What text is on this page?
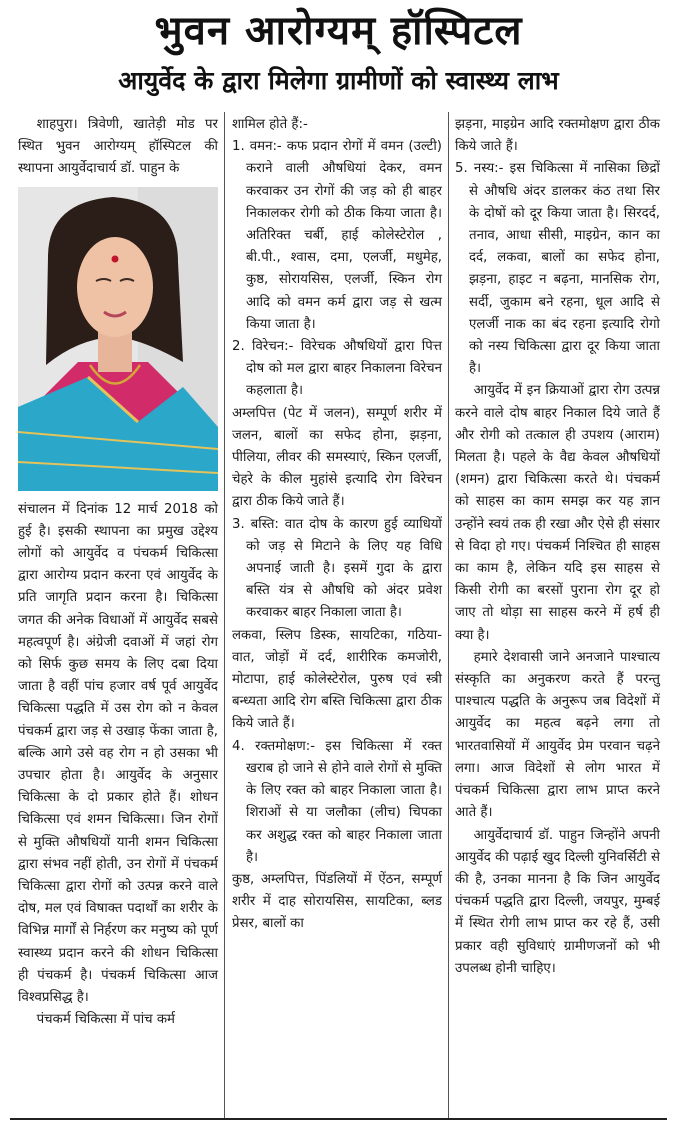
भुवन आरोग्यम् हॉस्पिटल
आयुर्वेद के द्वारा मिलेगा ग्रामीणों को स्वास्थ्य लाभ

शाहपुरा। त्रिवेणी, खातेड़ी मोड पर स्थित भुवन आरोग्यम् हॉस्पिटल की स्थापना आयुर्वेदाचार्य डॉ. पाहुन के

संचालन में दिनांक 12 मार्च 2018 को हुई है। इसकी स्थापना का प्रमुख उद्देश्य लोगों को आयुर्वेद व पंचकर्म चिकित्सा द्वारा आरोग्य प्रदान करना एवं आयुर्वेद के प्रति जागृति प्रदान करना है। चिकित्सा जगत की अनेक विधाओं में आयुर्वेद सबसे महत्वपूर्ण है। अंग्रेजी दवाओं में जहां रोग को सिर्फ कुछ समय के लिए दबा दिया जाता है वहीं पांच हजार वर्ष पूर्व आयुर्वेद चिकित्सा पद्धति में उस रोग को न केवल पंचकर्म द्वारा जड़ से उखाड़ फेंका जाता है, बल्कि आगे उसे वह रोग न हो उसका भी उपचार होता है। आयुर्वेद के अनुसार चिकित्सा के दो प्रकार होते हैं। शोधन चिकित्सा एवं शमन चिकित्सा। जिन रोगों से मुक्ति औषधियों यानी शमन चिकित्सा द्वारा संभव नहीं होती, उन रोगों में पंचकर्म चिकित्सा द्वारा रोगों को उत्पन्न करने वाले दोष, मल एवं विषाक्त पदार्थों का शरीर के विभिन्न मार्गों से निर्हरण कर मनुष्य को पूर्ण स्वास्थ्य प्रदान करने की शोधन चिकित्सा ही पंचकर्म है। पंचकर्म चिकित्सा आज विश्वप्रसिद्ध है।

पंचकर्म चिकित्सा में पांच कर्म

शामिल होते हैं:-

1. वमन:- कफ प्रदान रोगों में वमन (उल्टी) कराने वाली औषधियां देकर, वमन करवाकर उन रोगों की जड़ को ही बाहर निकालकर रोगी को ठीक किया जाता है। अतिरिक्त चर्बी, हाई कोलेस्टेरोल , बी.पी., श्वास, दमा, एलर्जी, मधुमेह, कुष्ठ, सोरायसिस, एलर्जी, स्किन रोग आदि को वमन कर्म द्वारा जड़ से खत्म किया जाता है।

2. विरेचन:- विरेचक औषधियों द्वारा पित्त दोष को मल द्वारा बाहर निकालना विरेचन कहलाता है।

अम्लपित्त (पेट में जलन), सम्पूर्ण शरीर में जलन, बालों का सफेद होना, झड़ना, पीलिया, लीवर की समस्याएं, स्किन एलर्जी, चेहरे के कील मुहांसे इत्यादि रोग विरेचन द्वारा ठीक किये जाते हैं।

3. बस्ति: वात दोष के कारण हुई व्याधियों को जड़ से मिटाने के लिए यह विधि अपनाई जाती है। इसमें गुदा के द्वारा बस्ति यंत्र से औषधि को अंदर प्रवेश करवाकर बाहर निकाला जाता है।

लकवा, स्लिप डिस्क, सायटिका, गठिया-वात, जोड़ों में दर्द, शारीरिक कमजोरी, मोटापा, हाई कोलेस्टेरोल, पुरुष एवं स्त्री बन्ध्यता आदि रोग बस्ति चिकित्सा द्वारा ठीक किये जाते हैं।

4. रक्तमोक्षण:- इस चिकित्सा में रक्त खराब हो जाने से होने वाले रोगों से मुक्ति के लिए रक्त को बाहर निकाला जाता है। शिराओं से या जलौका (लीच) चिपका कर अशुद्ध रक्त को बाहर निकाला जाता है।

कुष्ठ, अम्लपित्त, पिंडलियों में ऐंठन, सम्पूर्ण शरीर में दाह सोरायसिस, सायटिका, ब्लड प्रेसर, बालों का

झड़ना, माइग्रेन आदि रक्तमोक्षण द्वारा ठीक किये जाते हैं।

5. नस्य:- इस चिकित्सा में नासिका छिद्रों से औषधि अंदर डालकर कंठ तथा सिर के दोषों को दूर किया जाता है। सिरदर्द, तनाव, आधा सीसी, माइग्रेन, कान का दर्द, लकवा, बालों का सफेद होना, झड़ना, हाइट न बढ़ना, मानसिक रोग, सर्दी, जुकाम बने रहना, धूल आदि से एलर्जी नाक का बंद रहना इत्यादि रोगो को नस्य चिकित्सा द्वारा दूर किया जाता है।

आयुर्वेद में इन क्रियाओं द्वारा रोग उत्पन्न करने वाले दोष बाहर निकाल दिये जाते हैं और रोगी को तत्काल ही उपशय (आराम) मिलता है। पहले के वैद्य केवल औषधियों (शमन) द्वारा चिकित्सा करते थे। पंचकर्म को साहस का काम समझ कर यह ज्ञान उन्होंने स्वयं तक ही रखा और ऐसे ही संसार से विदा हो गए। पंचकर्म निश्चित ही साहस का काम है, लेकिन यदि इस साहस से किसी रोगी का बरसों पुराना रोग दूर हो जाए तो थोड़ा सा साहस करने में हर्ष ही क्या है।

हमारे देशवासी जाने अनजाने पाश्चात्य संस्कृति का अनुकरण करते हैं परन्तु पाश्चात्य पद्धति के अनुरूप जब विदेशों में आयुर्वेद का महत्व बढ़ने लगा तो भारतवासियों में आयुर्वेद प्रेम परवान चढ़ने लगा। आज विदेशों से लोग भारत में पंचकर्म चिकित्सा द्वारा लाभ प्राप्त करने आते हैं।

आयुर्वेदाचार्य डॉ. पाहुन जिन्होंने अपनी आयुर्वेद की पढ़ाई खुद दिल्ली युनिवर्सिटी से की है, उनका मानना है कि जिन आयुर्वेद पंचकर्म पद्धति द्वारा दिल्ली, जयपुर, मुम्बई में स्थित रोगी लाभ प्राप्त कर रहे हैं, उसी प्रकार वही सुविधाएं ग्रामीणजनों को भी उपलब्ध होनी चाहिए।
